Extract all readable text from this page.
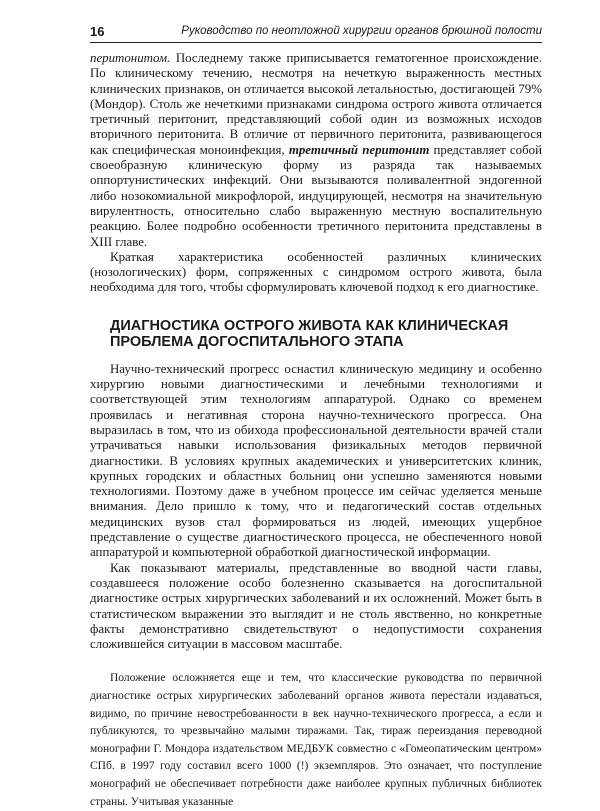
16	Руководство по неотложной хирургии органов брюшной полости

перитонитом. Последнему также приписывается гематогенное происхождение. По клиническому течению, несмотря на нечеткую выраженность местных клинических признаков, он отличается высокой летальностью, достигающей 79% (Мондор). Столь же нечеткими признаками синдрома острого живота отличается третичный перитонит, представляющий собой один из возможных исходов вторичного перитонита. В отличие от первичного перитонита, развивающегося как специфическая моноинфекция, третичный перитонит представляет собой своеобразную клиническую форму из разряда так называемых оппортунистических инфекций. Они вызываются поливалентной эндогенной либо нозокомиальной микрофлорой, индуцирующей, несмотря на значительную вирулентность, относительно слабо выраженную местную воспалительную реакцию. Более подробно особенности третичного перитонита представлены в XIII главе.

Краткая характеристика особенностей различных клинических (нозологических) форм, сопряженных с синдромом острого живота, была необходима для того, чтобы сформулировать ключевой подход к его диагностике.

ДИАГНОСТИКА ОСТРОГО ЖИВОТА КАК КЛИНИЧЕСКАЯ ПРОБЛЕМА ДОГОСПИТАЛЬНОГО ЭТАПА

Научно-технический прогресс оснастил клиническую медицину и особенно хирургию новыми диагностическими и лечебными технологиями и соответствующей этим технологиям аппаратурой. Однако со временем проявилась и негативная сторона научно-технического прогресса. Она выразилась в том, что из обихода профессиональной деятельности врачей стали утрачиваться навыки использования физикальных методов первичной диагностики. В условиях крупных академических и университетских клиник, крупных городских и областных больниц они успешно заменяются новыми технологиями. Поэтому даже в учебном процессе им сейчас уделяется меньше внимания. Дело пришло к тому, что и педагогический состав отдельных медицинских вузов стал формироваться из людей, имеющих ущербное представление о существе диагностического процесса, не обеспеченного новой аппаратурой и компьютерной обработкой диагностической информации.

Как показывают материалы, представленные во вводной части главы, создавшееся положение особо болезненно сказывается на догоспитальной диагностике острых хирургических заболеваний и их осложнений. Может быть в статистическом выражении это выглядит и не столь явственно, но конкретные факты демонстративно свидетельствуют о недопустимости сохранения сложившейся ситуации в массовом масштабе.

Положение осложняется еще и тем, что классические руководства по первичной диагностике острых хирургических заболеваний органов живота перестали издаваться, видимо, по причине невостребованности в век научно-технического прогресса, а если и публикуются, то чрезвычайно малыми тиражами. Так, тираж переиздания переводной монографии Г. Мондора издательством МЕДБУК совместно с «Гомеопатическим центром» СПб. в 1997 году составил всего 1000 (!) экземпляров. Это означает, что поступление монографий не обеспечивает потребности даже наиболее крупных публичных библиотек страны. Учитывая указанные
